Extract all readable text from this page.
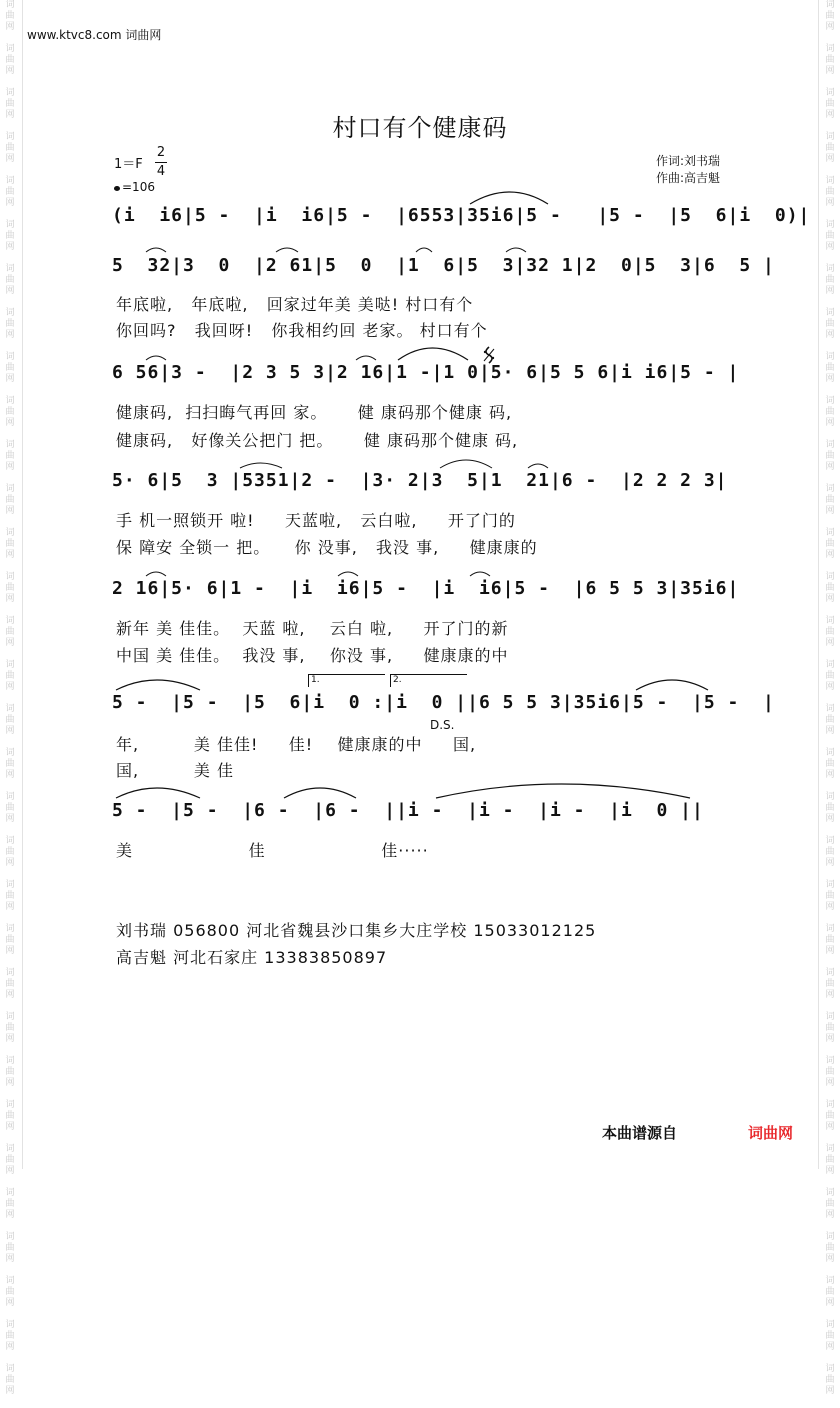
词
曲
网

词
曲
网

词
曲
网

词
曲
网

词
曲
网

词
曲
网

词
曲
网

词
曲
网

词
曲
网

词
曲
网

词
曲
网

词
曲
网

词
曲
网

词
曲
网

词
曲
网

词
曲
网

词
曲
网

词
曲
网

词
曲
网

词
曲
网

词
曲
网

词
曲
网

词
曲
网

词
曲
网

词
曲
网

词
曲
网

词
曲
网

词
曲
网

词
曲
网

词
曲
网

词
曲
网

词
曲
网

词
曲
网

词
曲
网

词
曲
网

词
曲
网

词
曲
网

词
曲
网

词
曲
网

词
曲
网

词
曲
网

词
曲
网

词
曲
网

词
曲
网

词
曲
网

词
曲
网

词
曲
网

词
曲
网

词
曲
网

词
曲
网

词
曲
网

词
曲
网

词
曲
网

词
曲
网

词
曲
网

词
曲
网

词
曲
网

词
曲
网

词
曲
网

词
曲
网

词
曲
网

词
曲
网

词
曲
网

词
曲
网

www.ktvc8.com 词曲网
村口有个健康码
1＝F
2
4
=106
作词:刘书瑞
作曲:高吉魁
(i  i6|5 -  |i  i6|5 -  |6553|35i6|5 -   |5 -  |5  6|i  0)|
5  32|3  0  |2 61|5  0  |1  6|5  3|32 1|2  0|5  3|6  5 |
年底啦,   年底啦,   回家过年美 美哒! 村口有个
你回吗?   我回呀!   你我相约回 老家。 村口有个
6 56|3 -  |2 3 5 3|2 16|1 -|1 0|5· 6|5 5 6|i i6|5 - |
健康码,  扫扫晦气再回 家。     健 康码那个健康 码,
健康码,   好像关公把门 把。     健 康码那个健康 码,
5· 6|5  3 |5351|2 -  |3· 2|3  5|1  21|6 -  |2 2 2 3|
手 机一照锁开 啦!     天蓝啦,   云白啦,     开了门的
保 障安 全锁一 把。    你 没事,   我没 事,     健康康的
2 16|5· 6|1 -  |i  i6|5 -  |i  i6|5 -  |6 5 5 3|35i6|
新年 美 佳佳。  天蓝 啦,    云白 啦,     开了门的新
中国 美 佳佳。  我没 事,    你没 事,     健康康的中
5 -  |5 -  |5  6|i  0 :|i  0 ||6 5 5 3|35i6|5 -  |5 -  |
D.S.
年,         美 佳佳!     佳!    健康康的中     国,
国,         美 佳
5 -  |5 -  |6 -  |6 -  ||i -  |i -  |i -  |i  0 ||
美                   佳                   佳·····
1.	2.
刘书瑞 056800 河北省魏县沙口集乡大庄学校 15033012125
高吉魁 河北石家庄 13383850897
本曲谱源自	词曲网
